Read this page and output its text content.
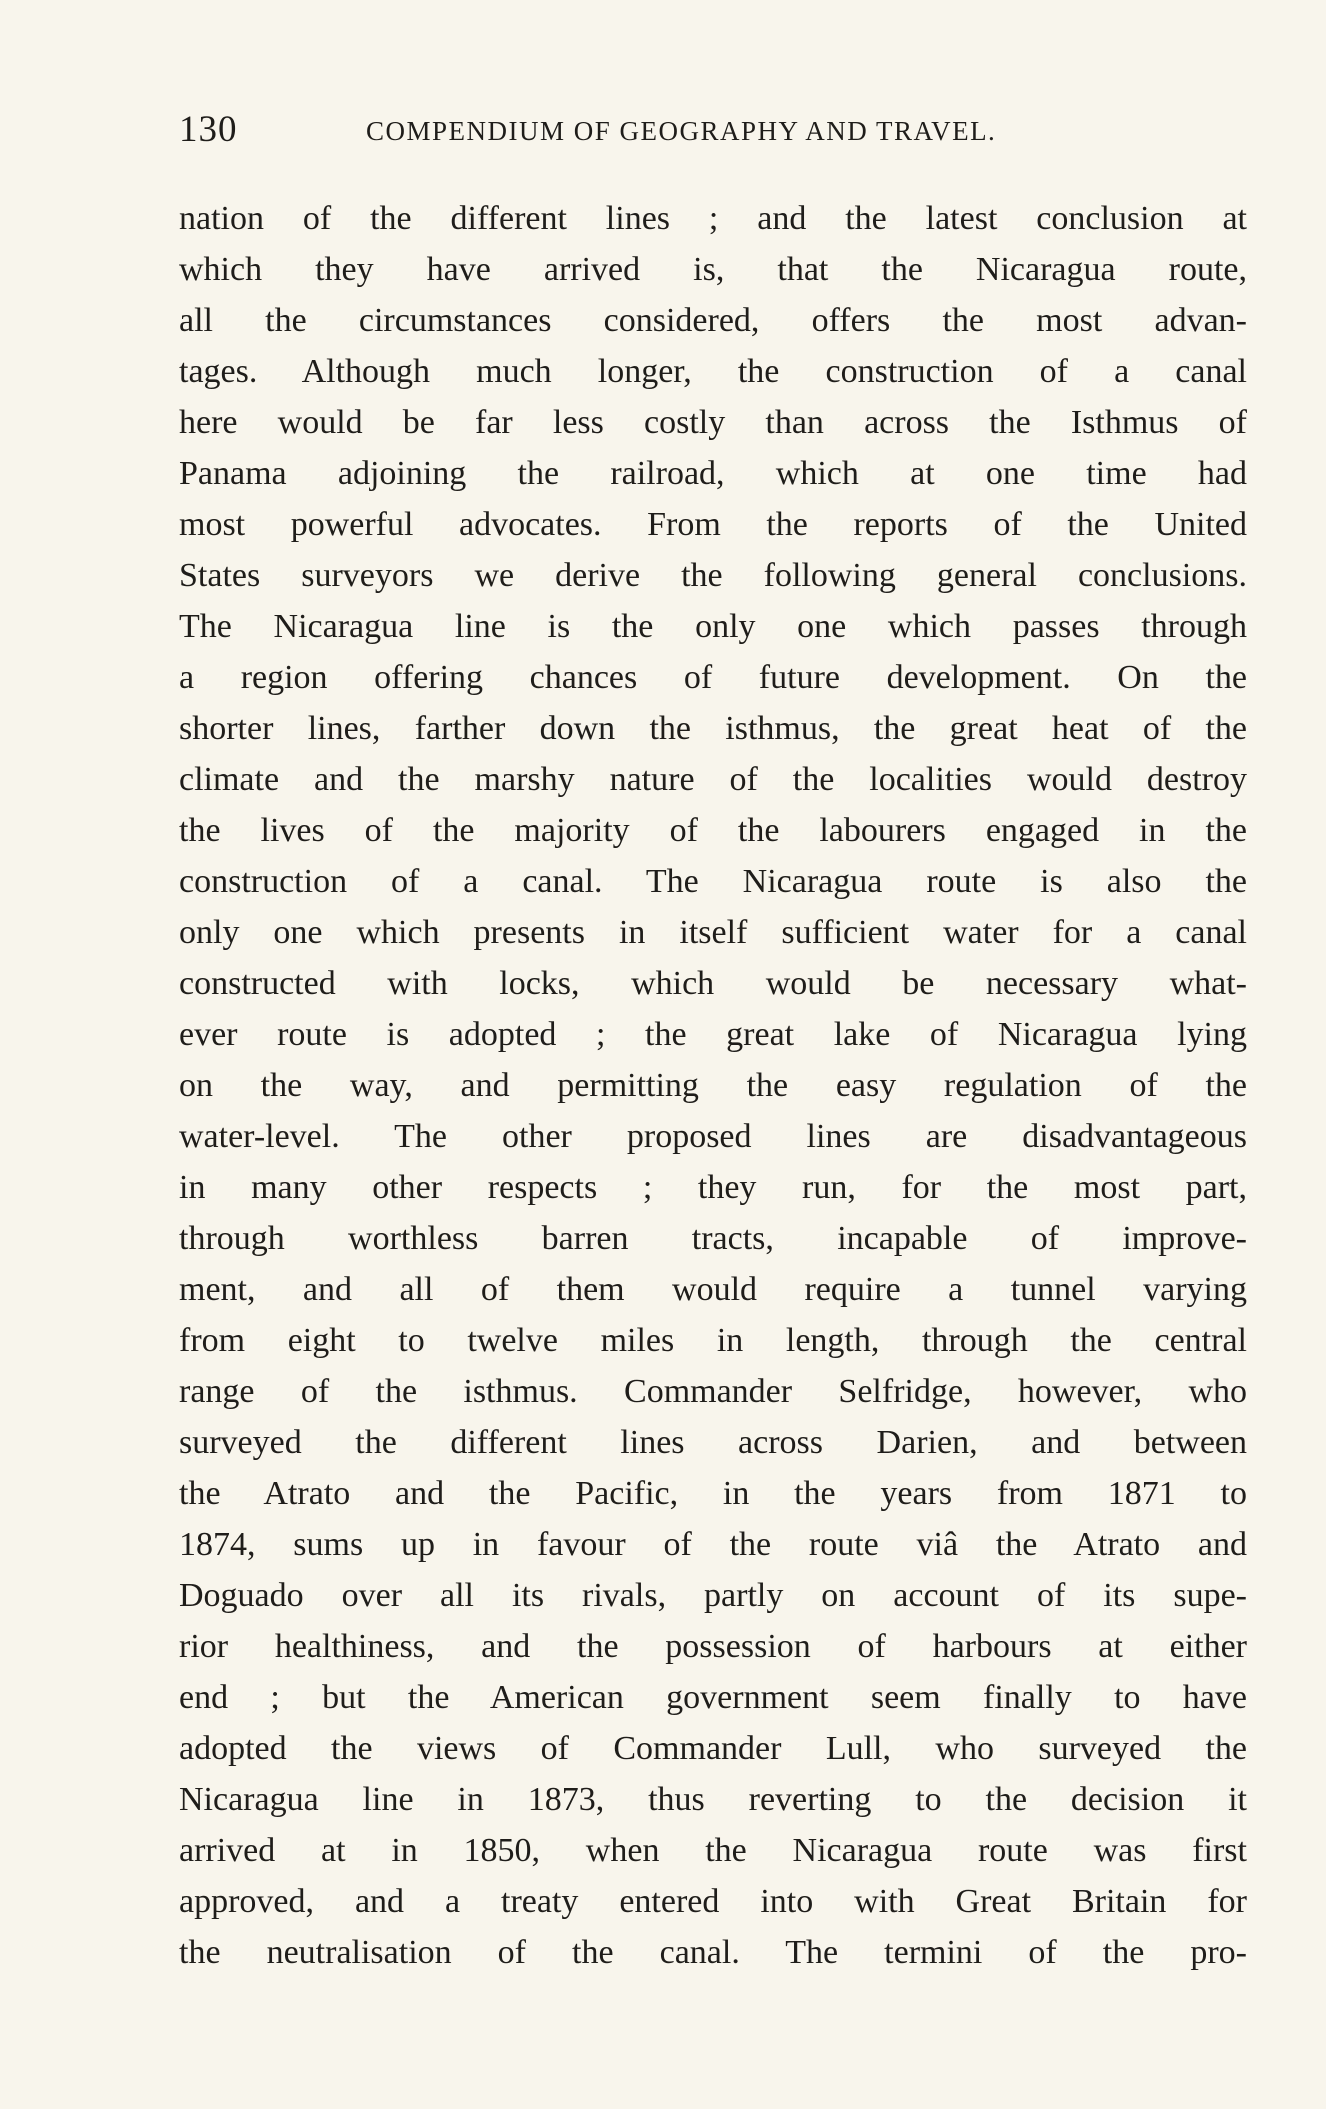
130	COMPENDIUM OF GEOGRAPHY AND TRAVEL.
nation of the different lines ; and the latest conclusion at
which they have arrived is, that the Nicaragua route,
all the circumstances considered, offers the most advan-
tages. Although much longer, the construction of a canal
here would be far less costly than across the Isthmus of
Panama adjoining the railroad, which at one time had
most powerful advocates. From the reports of the United
States surveyors we derive the following general conclusions.
The Nicaragua line is the only one which passes through
a region offering chances of future development. On the
shorter lines, farther down the isthmus, the great heat of the
climate and the marshy nature of the localities would destroy
the lives of the majority of the labourers engaged in the
construction of a canal. The Nicaragua route is also the
only one which presents in itself sufficient water for a canal
constructed with locks, which would be necessary what-
ever route is adopted ; the great lake of Nicaragua lying
on the way, and permitting the easy regulation of the
water-level. The other proposed lines are disadvantageous
in many other respects ; they run, for the most part,
through worthless barren tracts, incapable of improve-
ment, and all of them would require a tunnel varying
from eight to twelve miles in length, through the central
range of the isthmus. Commander Selfridge, however, who
surveyed the different lines across Darien, and between
the Atrato and the Pacific, in the years from 1871 to
1874, sums up in favour of the route viâ the Atrato and
Doguado over all its rivals, partly on account of its supe-
rior healthiness, and the possession of harbours at either
end ; but the American government seem finally to have
adopted the views of Commander Lull, who surveyed the
Nicaragua line in 1873, thus reverting to the decision it
arrived at in 1850, when the Nicaragua route was first
approved, and a treaty entered into with Great Britain for
the neutralisation of the canal. The termini of the pro-
